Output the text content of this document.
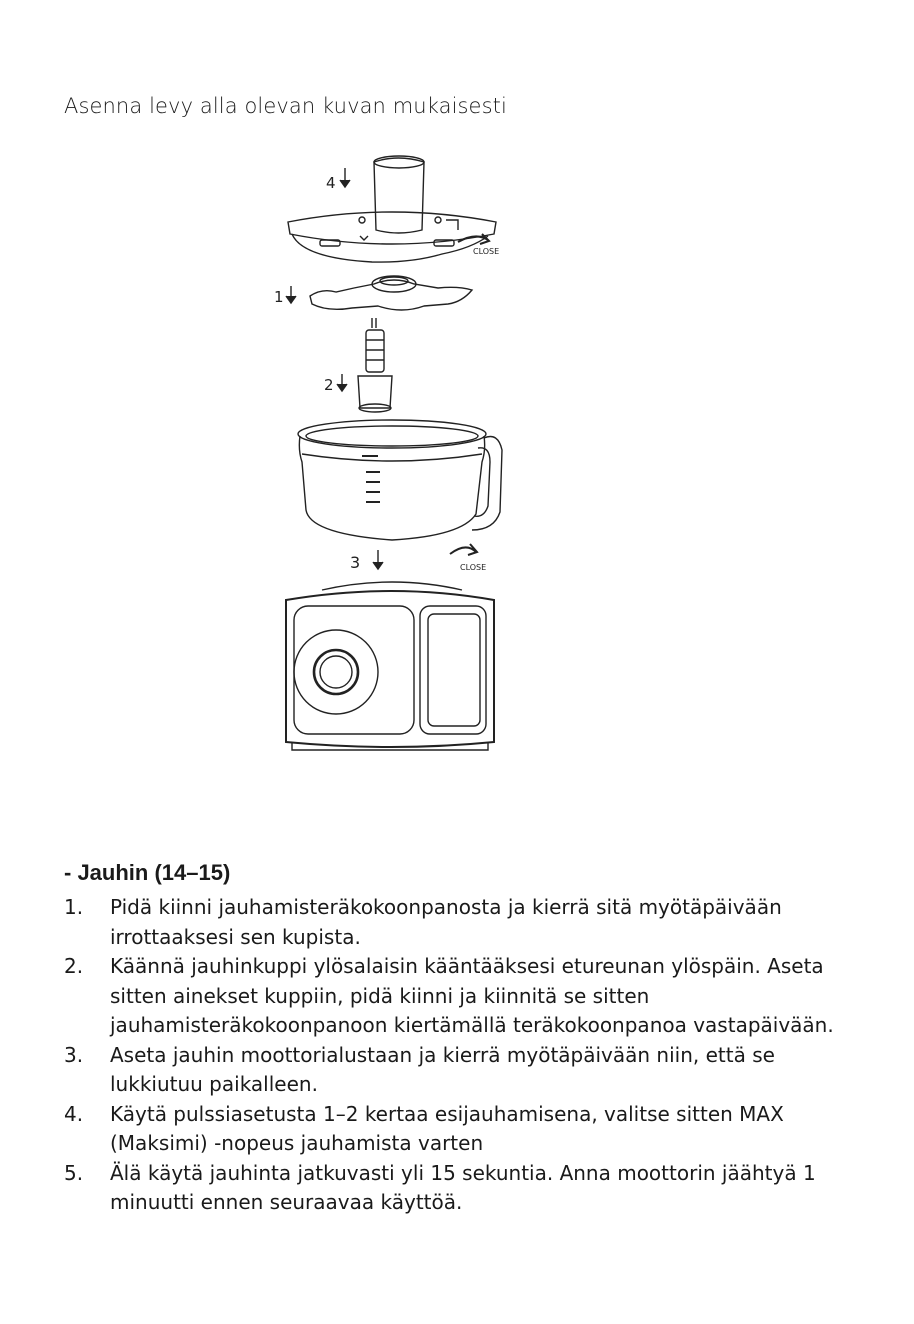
Asenna levy alla olevan kuvan mukaisesti
4
CLOSE
1
2
3	CLOSE
- Jauhin (14–15)
1. Pidä kiinni jauhamisteräkokoonpanosta ja kierrä sitä myötäpäivään irrottaaksesi sen kupista.
2. Käännä jauhinkuppi ylösalaisin kääntääksesi etureunan ylöspäin. Aseta sitten ainekset kuppiin, pidä kiinni ja kiinnitä se sitten jauhamisteräkokoonpanoon kiertämällä teräkokoonpanoa vastapäivään.
3. Aseta jauhin moottorialustaan ja kierrä myötäpäivään niin, että se lukkiutuu paikalleen.
4. Käytä pulssiasetusta 1–2 kertaa esijauhamisena, valitse sitten MAX (Maksimi) -nopeus jauhamista varten
5. Älä käytä jauhinta jatkuvasti yli 15 sekuntia. Anna moottorin jäähtyä 1 minuutti ennen seuraavaa käyttöä.
